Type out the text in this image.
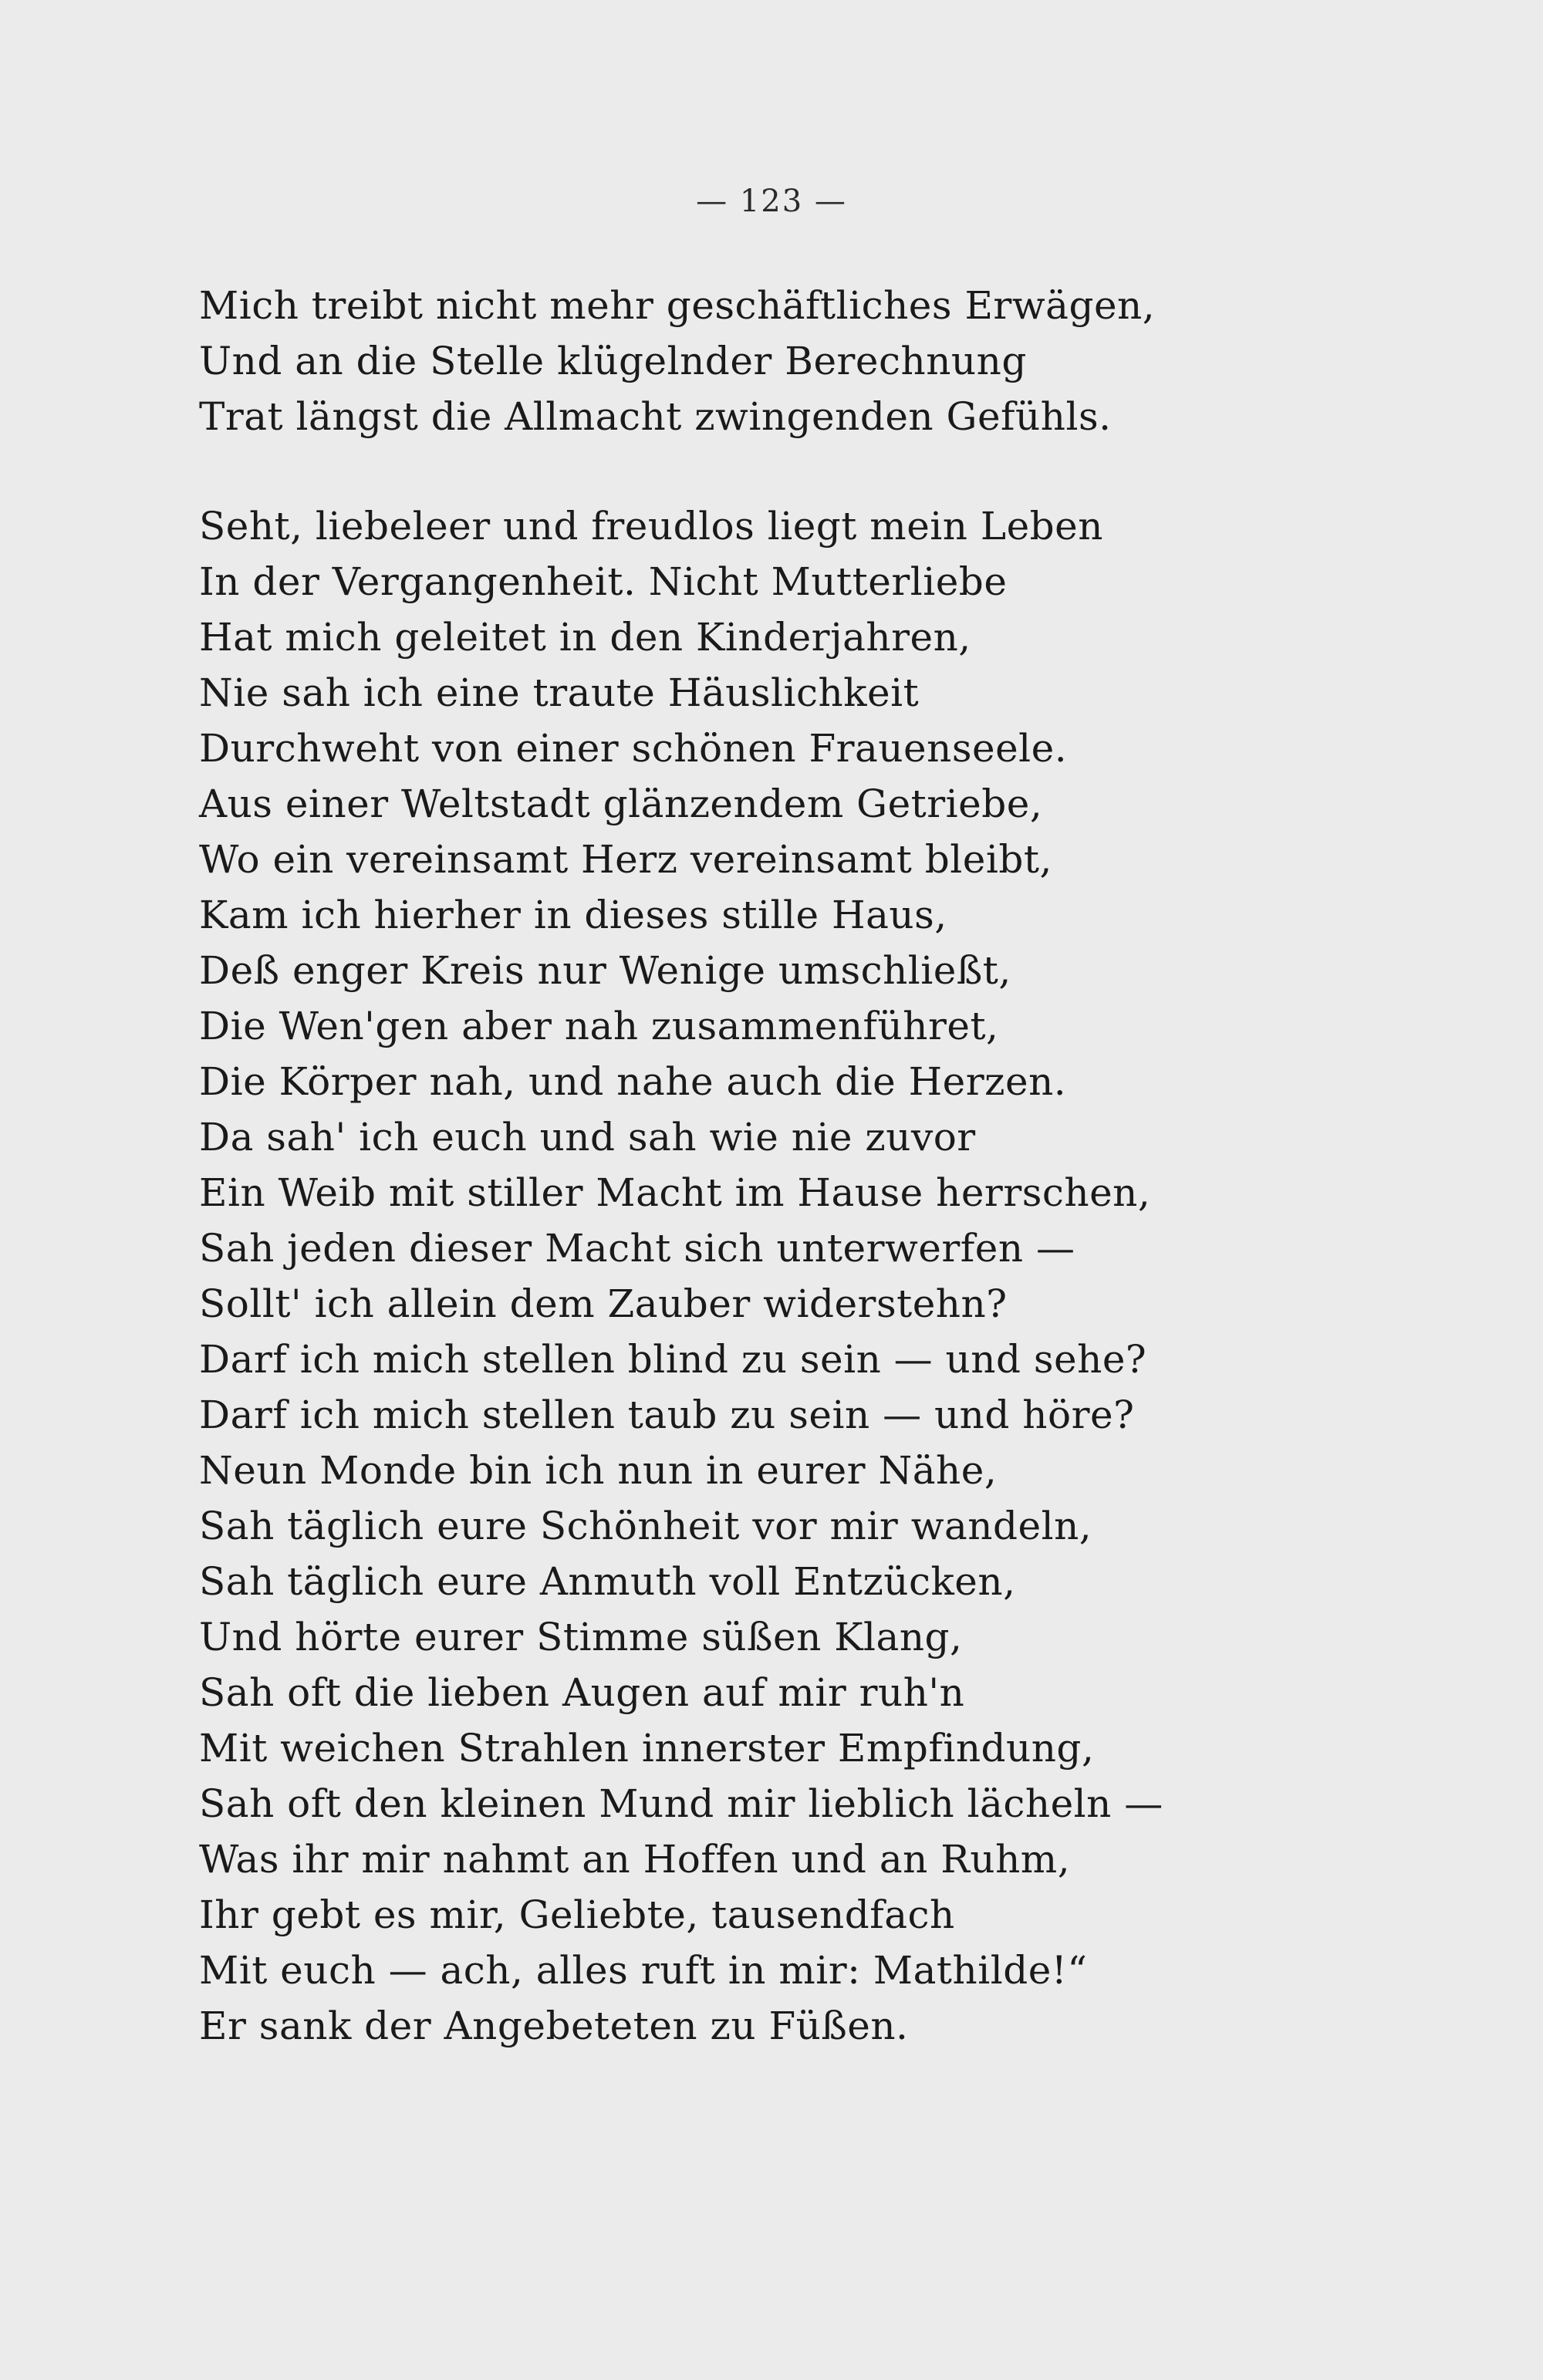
— 123 —
Mich treibt nicht mehr geschäftliches Erwägen,
Und an die Stelle klügelnder Berechnung
Trat längst die Allmacht zwingenden Gefühls.
Seht, liebeleer und freudlos liegt mein Leben
In der Vergangenheit. Nicht Mutterliebe
Hat mich geleitet in den Kinderjahren,
Nie sah ich eine traute Häuslichkeit
Durchweht von einer schönen Frauenseele.
Aus einer Weltstadt glänzendem Getriebe,
Wo ein vereinsamt Herz vereinsamt bleibt,
Kam ich hierher in dieses stille Haus,
Deß enger Kreis nur Wenige umschließt,
Die Wen'gen aber nah zusammenführet,
Die Körper nah, und nahe auch die Herzen.
Da sah' ich euch und sah wie nie zuvor
Ein Weib mit stiller Macht im Hause herrschen,
Sah jeden dieser Macht sich unterwerfen —
Sollt' ich allein dem Zauber widerstehn?
Darf ich mich stellen blind zu sein — und sehe?
Darf ich mich stellen taub zu sein — und höre?
Neun Monde bin ich nun in eurer Nähe,
Sah täglich eure Schönheit vor mir wandeln,
Sah täglich eure Anmuth voll Entzücken,
Und hörte eurer Stimme süßen Klang,
Sah oft die lieben Augen auf mir ruh'n
Mit weichen Strahlen innerster Empfindung,
Sah oft den kleinen Mund mir lieblich lächeln —
Was ihr mir nahmt an Hoffen und an Ruhm,
Ihr gebt es mir, Geliebte, tausendfach
Mit euch — ach, alles ruft in mir: Mathilde!“
Er sank der Angebeteten zu Füßen.
